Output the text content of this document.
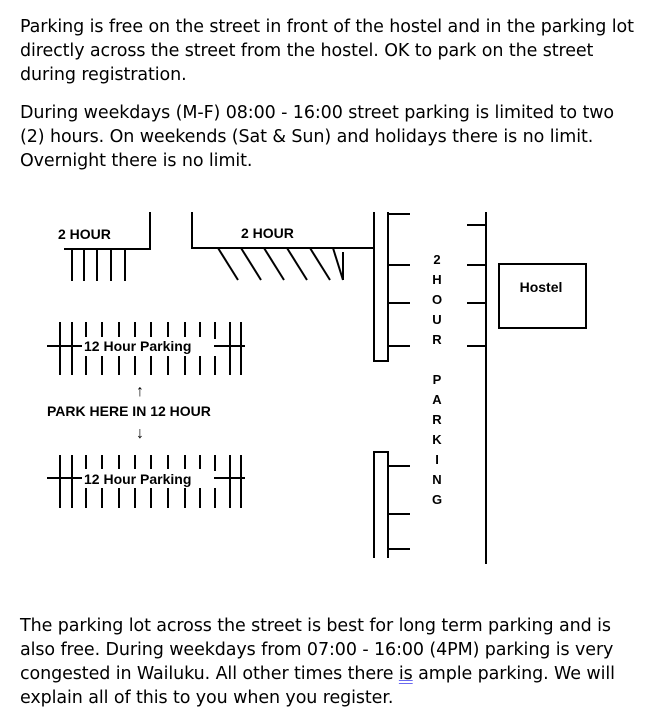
Parking is free on the street in front of the hostel and in the parking lot directly across the street from the hostel. OK to park on the street during registration.

During weekdays (M-F) 08:00 - 16:00 street parking is limited to two (2) hours. On weekends (Sat & Sun) and holidays there is no limit. Overnight there is no limit.

2 HOUR	2 HOUR
12 Hour Parking
↑
PARK HERE IN 12 HOUR
↓
12 Hour Parking
Hostel
2
H
O
U
R
P
A
R
K
I
N
G

The parking lot across the street is best for long term parking and is also free. During weekdays from 07:00 - 16:00 (4PM) parking is very congested in Wailuku. All other times there is ample parking. We will explain all of this to you when you register.
